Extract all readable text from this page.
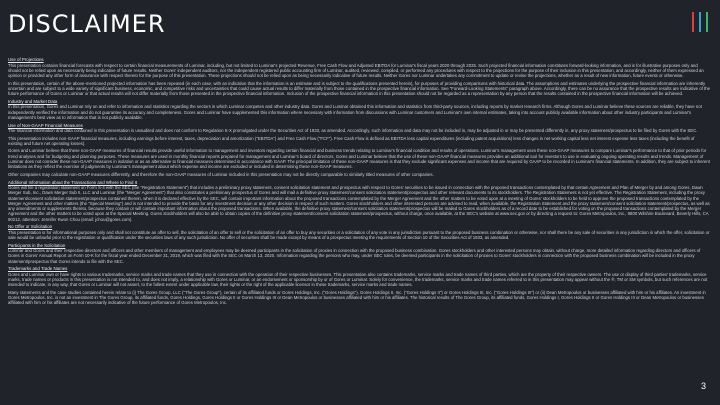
DISCLAIMER
Use of Projections

This presentation contains financial forecasts with respect to certain financial measurements of Luminar, including, but not limited to Luminar's projected Revenue, Free Cash Flow and Adjusted EBITDA for Luminar's fiscal years 2020 through 2025. Such projected financial information constitutes forward-looking information, and is for illustrative purposes only and should not be relied upon as necessarily being indicative of future results. Neither Gores' independent auditors, nor the independent registered public accounting firm of Luminar, audited, reviewed, compiled, or performed any procedures with respect to the projections for the purpose of their inclusion in this presentation, and accordingly, neither of them expressed an opinion or provided any other form of assurance with respect thereto for the purpose of this presentation. These projections should not be relied upon as being necessarily indicative of future results. Neither Gores nor Luminar undertakes any commitment to update or revise the projections, whether as a result of new information, future events or otherwise.

In this presentation, certain of the above-mentioned projected information has been repeated (in each case, with an indication that the information is an estimate and is subject to the qualifications presented herein), for purposes of providing comparisons with historical data. The assumptions and estimates underlying the prospective financial information are inherently uncertain and are subject to a wide variety of significant business, economic, and competitive risks and uncertainties that could cause actual results to differ materially from those contained in the prospective financial information. See "Forward-Looking Statements" paragraph above. Accordingly, there can be no assurance that the prospective results are indicative of the future performance of Gores or Luminar or that actual results will not differ materially from those presented in the prospective financial information. Inclusion of the prospective financial information in this presentation should not be regarded as a representation by any person that the results contained in the prospective financial information will be achieved.

Industry and Market Data

In this presentation, Gores and Luminar rely on and refer to information and statistics regarding the sectors in which Luminar competes and other industry data. Gores and Luminar obtained this information and statistics from third-party sources, including reports by market research firms. Although Gores and Luminar believe these sources are reliable, they have not independently verified the information and do not guarantee its accuracy and completeness. Gores and Luminar have supplemented this information where necessary with information from discussions with Luminar customers and Luminar's own internal estimates, taking into account publicly available information about other industry participants and Luminar's management's best view as to information that is not publicly available.

Use of Non-GAAP Financial Measures

The financial information and data contained in this presentation is unaudited and does not conform to Regulation S-X promulgated under the Securities Act of 1933, as amended. Accordingly, such information and data may not be included in, may be adjusted in or may be presented differently in, any proxy statement/prospectus to be filed by Gores with the SEC.

This presentation includes non-GAAP financial measures, including earnings before interest, taxes, depreciation and amortization ("EBITDA") and Free Cash Flow ("FCF"). Free Cash Flow is defined as EBITDA less capital expenditures (including patent acquisitions) less changes in net working capital less net interest expense less taxes (including the benefit of existing and future net operating losses).

Gores and Luminar believe that these non-GAAP measures of financial results provide useful information to management and investors regarding certain financial and business trends relating to Luminar's financial condition and results of operations. Luminar's management uses these non-GAAP measures to compare Luminar's performance to that of prior periods for trend analyses and for budgeting and planning purposes. These measures are used in monthly financial reports prepared for management and Luminar's board of directors. Gores and Luminar believe that the use of these non-GAAP financial measures provides an additional tool for investors to use in evaluating ongoing operating results and trends. Management of Luminar does not consider these non-GAAP measures in isolation or as an alternative to financial measures determined in accordance with GAAP. The principal limitation of these non-GAAP measures is that they exclude significant expenses and income that are required by GAAP to be recorded in Luminar's financial statements. In addition, they are subject to inherent limitations as they reflect the exercise of judgments by Luminar's management about which expense and income are excluded or included in determining these non-GAAP measures.

Other companies may calculate non-GAAP measures differently, and therefore the non-GAAP measures of Luminar included in this presentation may not be directly comparable to similarly titled measures of other companies.

Additional Information about the Transactions and Where to Find It

Gores will file a registration statement on Form S-4 with the SEC (the "Registration Statement") that includes a preliminary proxy statement, consent solicitation statement and prospectus with respect to Gores' securities to be issued in connection with the proposed transactions contemplated by that certain Agreement and Plan of Merger by and among Gores, Dawn Merger Sub, Inc., Dawn Merger Sub II, LLC and Luminar (the "Merger Agreement") that also constitutes a preliminary prospectus of Gores and will mail a definitive proxy statement/consent solicitation statement/prospectus and other relevant documents to its stockholders. The Registration Statement is not yet effective. The Registration Statement, including the proxy statement/consent solicitation statement/prospectus contained therein, when it is declared effective by the SEC, will contain important information about the proposed transactions contemplated by the Merger Agreement and the other matters to be voted upon at a meeting of Gores' stockholders to be held to approve the proposed transactions contemplated by the Merger Agreement and other matters (the "Special Meeting") and is not intended to provide the basis for any investment decision or any other decision in respect of such matters. Gores stockholders and other interested persons are advised to read, when available, the Registration Statement and the proxy statement/consent solicitation statement/prospectus, as well as any amendments or supplements thereto, because they contain or will contain important information about the proposed transactions. When available, the definitive proxy statement/consent solicitation statement/prospectus will be mailed to Gores stockholders as of a record date to be established for voting on the proposed transactions contemplated by the Merger Agreement and the other matters to be voted upon at the Special Meeting. Gores stockholders will also be able to obtain copies of the definitive proxy statement/consent solicitation statement/prospectus, without charge, once available, at the SEC's website at www.sec.gov or by directing a request to: Gores Metropoulos, Inc., 9800 Wilshire Boulevard, Beverly Hills, CA 90212, attention: Jennifer Kwon Chou (email: jchou@gores.com).

No Offer or Solicitation

This presentation is for informational purposes only and shall not constitute an offer to sell, the solicitation of an offer to sell or the solicitation of an offer to buy any securities or a solicitation of any vote in any jurisdiction pursuant to the proposed business combination or otherwise, nor shall there be any sale of securities in any jurisdiction in which the offer, solicitation or sale would be unlawful prior to the registration or qualification under the securities laws of any such jurisdiction. No offer of securities shall be made except by means of a prospectus meeting the requirements of Section 10 of the Securities Act of 1933, as amended.

Participants in the Solicitation

Luminar and Gores and their respective directors and officers and other members of management and employees may be deemed participants in the solicitation of proxies in connection with the proposed business combination. Gores stockholders and other interested persons may obtain, without charge, more detailed information regarding directors and officers of Gores in Gores' Annual Report on Form 10-K for the fiscal year ended December 31, 2019, which was filed with the SEC on March 13, 2020. Information regarding the persons who may, under SEC rules, be deemed participants in the solicitation of proxies to Gores' stockholders in connection with the proposed business combination will be included in the proxy statement/prospectus that Gores intends to file with the SEC.

Trademarks and Trade Names

Gores and Luminar own or have rights to various trademarks, service marks and trade names that they use in connection with the operation of their respective businesses. This presentation also contains trademarks, service marks and trade names of third parties, which are the property of their respective owners. The use or display of third parties' trademarks, service marks, trade names or products in this presentation is not intended to, and does not imply, a relationship with Gores or Luminar, or an endorsement or sponsorship by or of Gores or Luminar. Solely for convenience, the trademarks, service marks and trade names referred to in this presentation may appear without the ®, TM or SM symbols, but such references are not intended to indicate, in any way, that Gores or Luminar will not assert, to the fullest extent under applicable law, their rights or the right of the applicable licensor in these trademarks, service marks and trade names.

Many statements and the case studies contained herein relate to (i) The Gores Group, LLC ("The Gores Group"), certain of its affiliated funds or Gores Holdings, Inc. ("Gores Holdings"), Gores Holdings II, Inc. ("Gores Holdings II") or Gores Holdings III, Inc. ("Gores Holdings III") or (ii) Dean Metropoulos or businesses affiliated with him or his affiliates. An investment in Gores Metropoulos, Inc. is not an investment in The Gores Group, its affiliated funds, Gores Holdings, Gores Holdings II or Gores Holdings III or Dean Metropoulos or businesses affiliated with him or his affiliates. The historical results of The Gores Group, its affiliated funds, Gores Holdings I, Gores Holdings II or Gores Holdings III or Dean Metropoulos or businesses affiliated with him or his affiliates are not necessarily indicative of the future performance of Gores Metropoulos, Inc.

3
